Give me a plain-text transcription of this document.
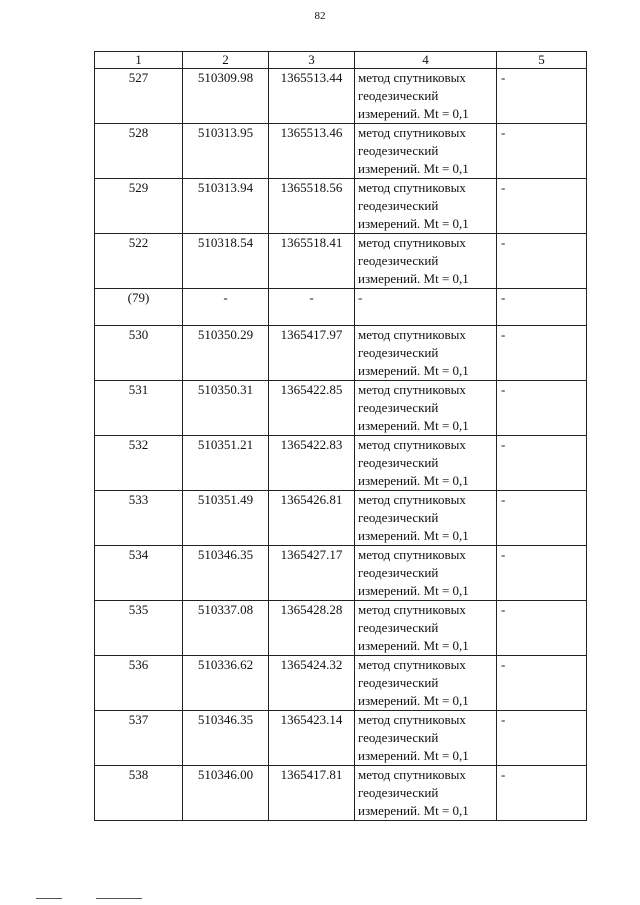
82
1	2	3	4	5
527	510309.98	1365513.44	метод спутниковых геодезический измерений. Mt = 0,1	-
528	510313.95	1365513.46	метод спутниковых геодезический измерений. Mt = 0,1	-
529	510313.94	1365518.56	метод спутниковых геодезический измерений. Mt = 0,1	-
522	510318.54	1365518.41	метод спутниковых геодезический измерений. Mt = 0,1	-
(79)	-	-	-	-
530	510350.29	1365417.97	метод спутниковых геодезический измерений. Mt = 0,1	-
531	510350.31	1365422.85	метод спутниковых геодезический измерений. Mt = 0,1	-
532	510351.21	1365422.83	метод спутниковых геодезический измерений. Mt = 0,1	-
533	510351.49	1365426.81	метод спутниковых геодезический измерений. Mt = 0,1	-
534	510346.35	1365427.17	метод спутниковых геодезический измерений. Mt = 0,1	-
535	510337.08	1365428.28	метод спутниковых геодезический измерений. Mt = 0,1	-
536	510336.62	1365424.32	метод спутниковых геодезический измерений. Mt = 0,1	-
537	510346.35	1365423.14	метод спутниковых геодезический измерений. Mt = 0,1	-
538	510346.00	1365417.81	метод спутниковых геодезический измерений. Mt = 0,1	-
